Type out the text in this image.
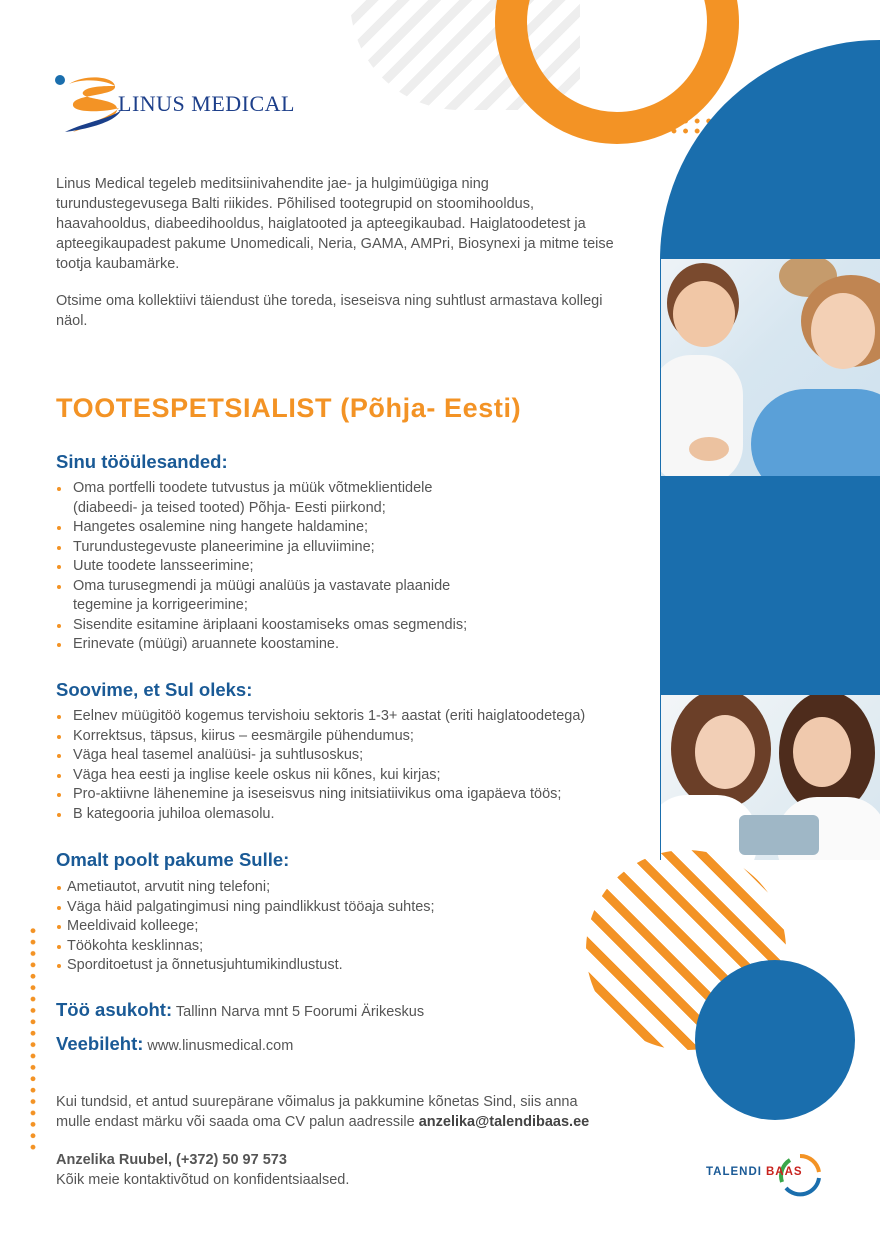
LINUS MEDICAL
Linus Medical tegeleb meditsiinivahendite jae- ja hulgimüügiga ning turundustegevusega Balti riikides. Põhilised tootegrupid on stoomihooldus, haavahooldus, diabeedihooldus, haiglatooted ja apteegikaubad. Haiglatoodetest ja apteegikaupadest pakume Unomedicali, Neria, GAMA, AMPri, Biosynexi ja mitme teise tootja kaubamärke.
Otsime oma kollektiivi täiendust ühe toreda, iseseisva ning suhtlust armastava kollegi näol.
TOOTESPETSIALIST (Põhja- Eesti)
Sinu tööülesanded:
Oma portfelli toodete tutvustus ja müük võtmeklientidele (diabeedi- ja teised tooted) Põhja- Eesti piirkond;
Hangetes osalemine ning hangete haldamine;
Turundustegevuste planeerimine ja elluviimine;
Uute toodete lansseerimine;
Oma turusegmendi ja müügi analüüs ja vastavate plaanide tegemine ja korrigeerimine;
Sisendite esitamine äriplaani koostamiseks omas segmendis;
Erinevate (müügi) aruannete koostamine.
Soovime, et Sul oleks:
Eelnev müügitöö kogemus tervishoiu sektoris 1-3+ aastat (eriti haiglatoodetega)
Korrektsus, täpsus, kiirus – eesmärgile pühendumus;
Väga heal tasemel analüüsi- ja suhtlusoskus;
Väga hea eesti ja inglise keele oskus nii kõnes, kui kirjas;
Pro-aktiivne lähenemine ja iseseisvus ning initsiatiivikus oma igapäeva töös;
B kategooria juhiloa olemasolu.
Omalt poolt pakume Sulle:
Ametiautot, arvutit ning telefoni;
Väga häid palgatingimusi ning paindlikkust tööaja suhtes;
Meeldivaid kolleege;
Töökohta kesklinnas;
Sporditoetust ja õnnetusjuhtumikindlustust.
Töö asukoht: Tallinn Narva mnt 5 Foorumi Ärikeskus
Veebileht: www.linusmedical.com
Kui tundsid, et antud suurepärane võimalus ja pakkumine kõnetas Sind, siis anna mulle endast märku või saada oma CV palun aadressile anzelika@talendibaas.ee
Anzelika Ruubel, (+372) 50 97 573
Kõik meie kontaktivõtud on konfidentsiaalsed.	TALENDI BAAS
